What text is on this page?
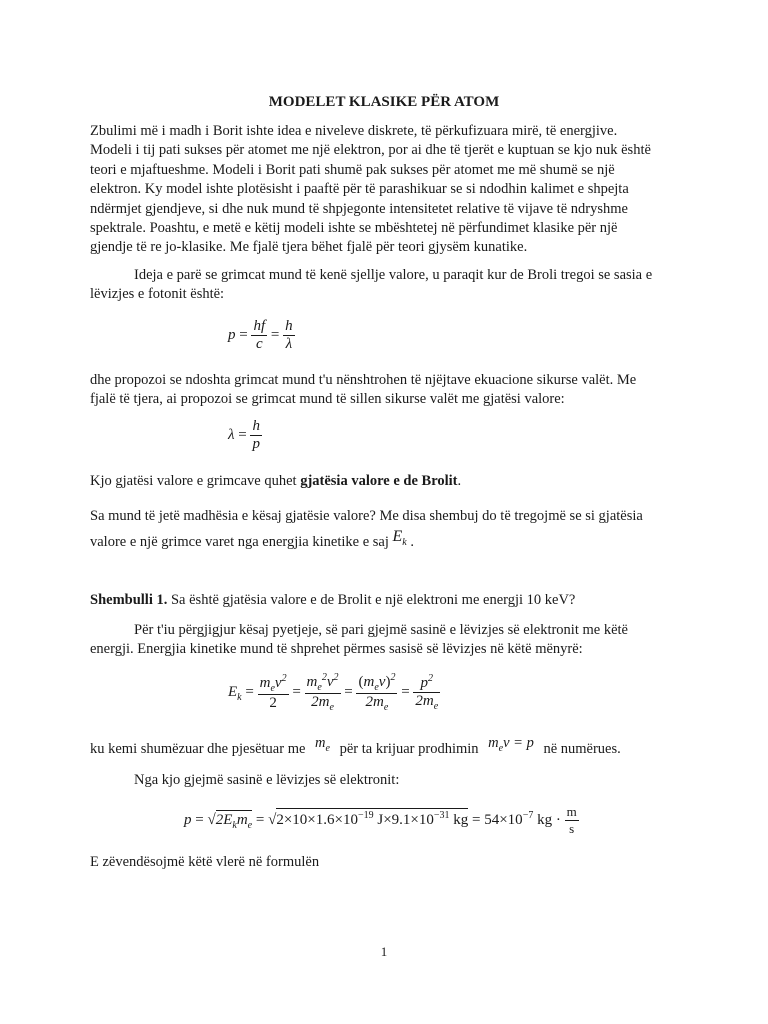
MODELET KLASIKE PËR ATOM

Zbulimi më i madh i Borit ishte idea e niveleve diskrete, të përkufizuara mirë, të energjive.
Modeli i tij pati sukses për atomet me një elektron, por ai dhe të tjerët e kuptuan se kjo nuk është
teori e mjaftueshme. Modeli i Borit pati shumë pak sukses për atomet me më shumë se një
elektron. Ky model ishte plotësisht i paaftë për të parashikuar se si ndodhin kalimet e shpejta
ndërmjet gjendjeve, si dhe nuk mund të shpjegonte intensitetet relative të vijave të ndryshme
spektrale. Poashtu, e metë e këtij modeli ishte se mbështetej në përfundimet klasike për një
gjendje të re jo-klasike. Me fjalë tjera bëhet fjalë për teori gjysëm kunatike.

Ideja e parë se grimcat mund të kenë sjellje valore, u paraqit kur de Broli tregoi se sasia e
lëvizjes e fotonit është:

$p = \frac{hf}{c} = \frac{h}{\lambda}$

dhe propozoi se ndoshta grimcat mund t'u nënshtrohen të njëjtave ekuacione sikurse valët. Me
fjalë të tjera, ai propozoi se grimcat mund të sillen sikurse valët me gjatësi valore:

$\lambda = \frac{h}{p}$

Kjo gjatësi valore e grimcave quhet gjatësia valore e de Brolit.

Sa mund të jetë madhësia e kësaj gjatësie valore? Me disa shembuj do të tregojmë se si gjatësia
valore e një grimce varet nga energjia kinetike e saj $E_k$ .

Shembulli 1. Sa është gjatësia valore e de Brolit e një elektroni me energji 10 keV?

Për t'iu përgjigjur kësaj pyetjeje, së pari gjejmë sasinë e lëvizjes së elektronit me këtë
energji. Energjia kinetike mund të shprehet përmes sasisë së lëvizjes në këtë mënyrë:

$E_k = \frac{m_ev^2}{2} = \frac{m_e^2v^2}{2m_e} = \frac{(m_ev)^2}{2m_e} = \frac{p^2}{2m_e}$

ku kemi shumëzuar dhe pjesëtuar me $m_e$ për ta krijuar prodhimin $m_ev = p$ në numërues.

Nga kjo gjejmë sasinë e lëvizjes së elektronit:

$p = √2E_km_e = √2\times 10\times 1.6\times 10^{-19}$ $J\times 9.1\times 10^{-31}$ kg = $54\times 10^{-7}$ kg · $\frac{m}{s}$

E zëvendësojmë këtë vlerë në formulën

1
